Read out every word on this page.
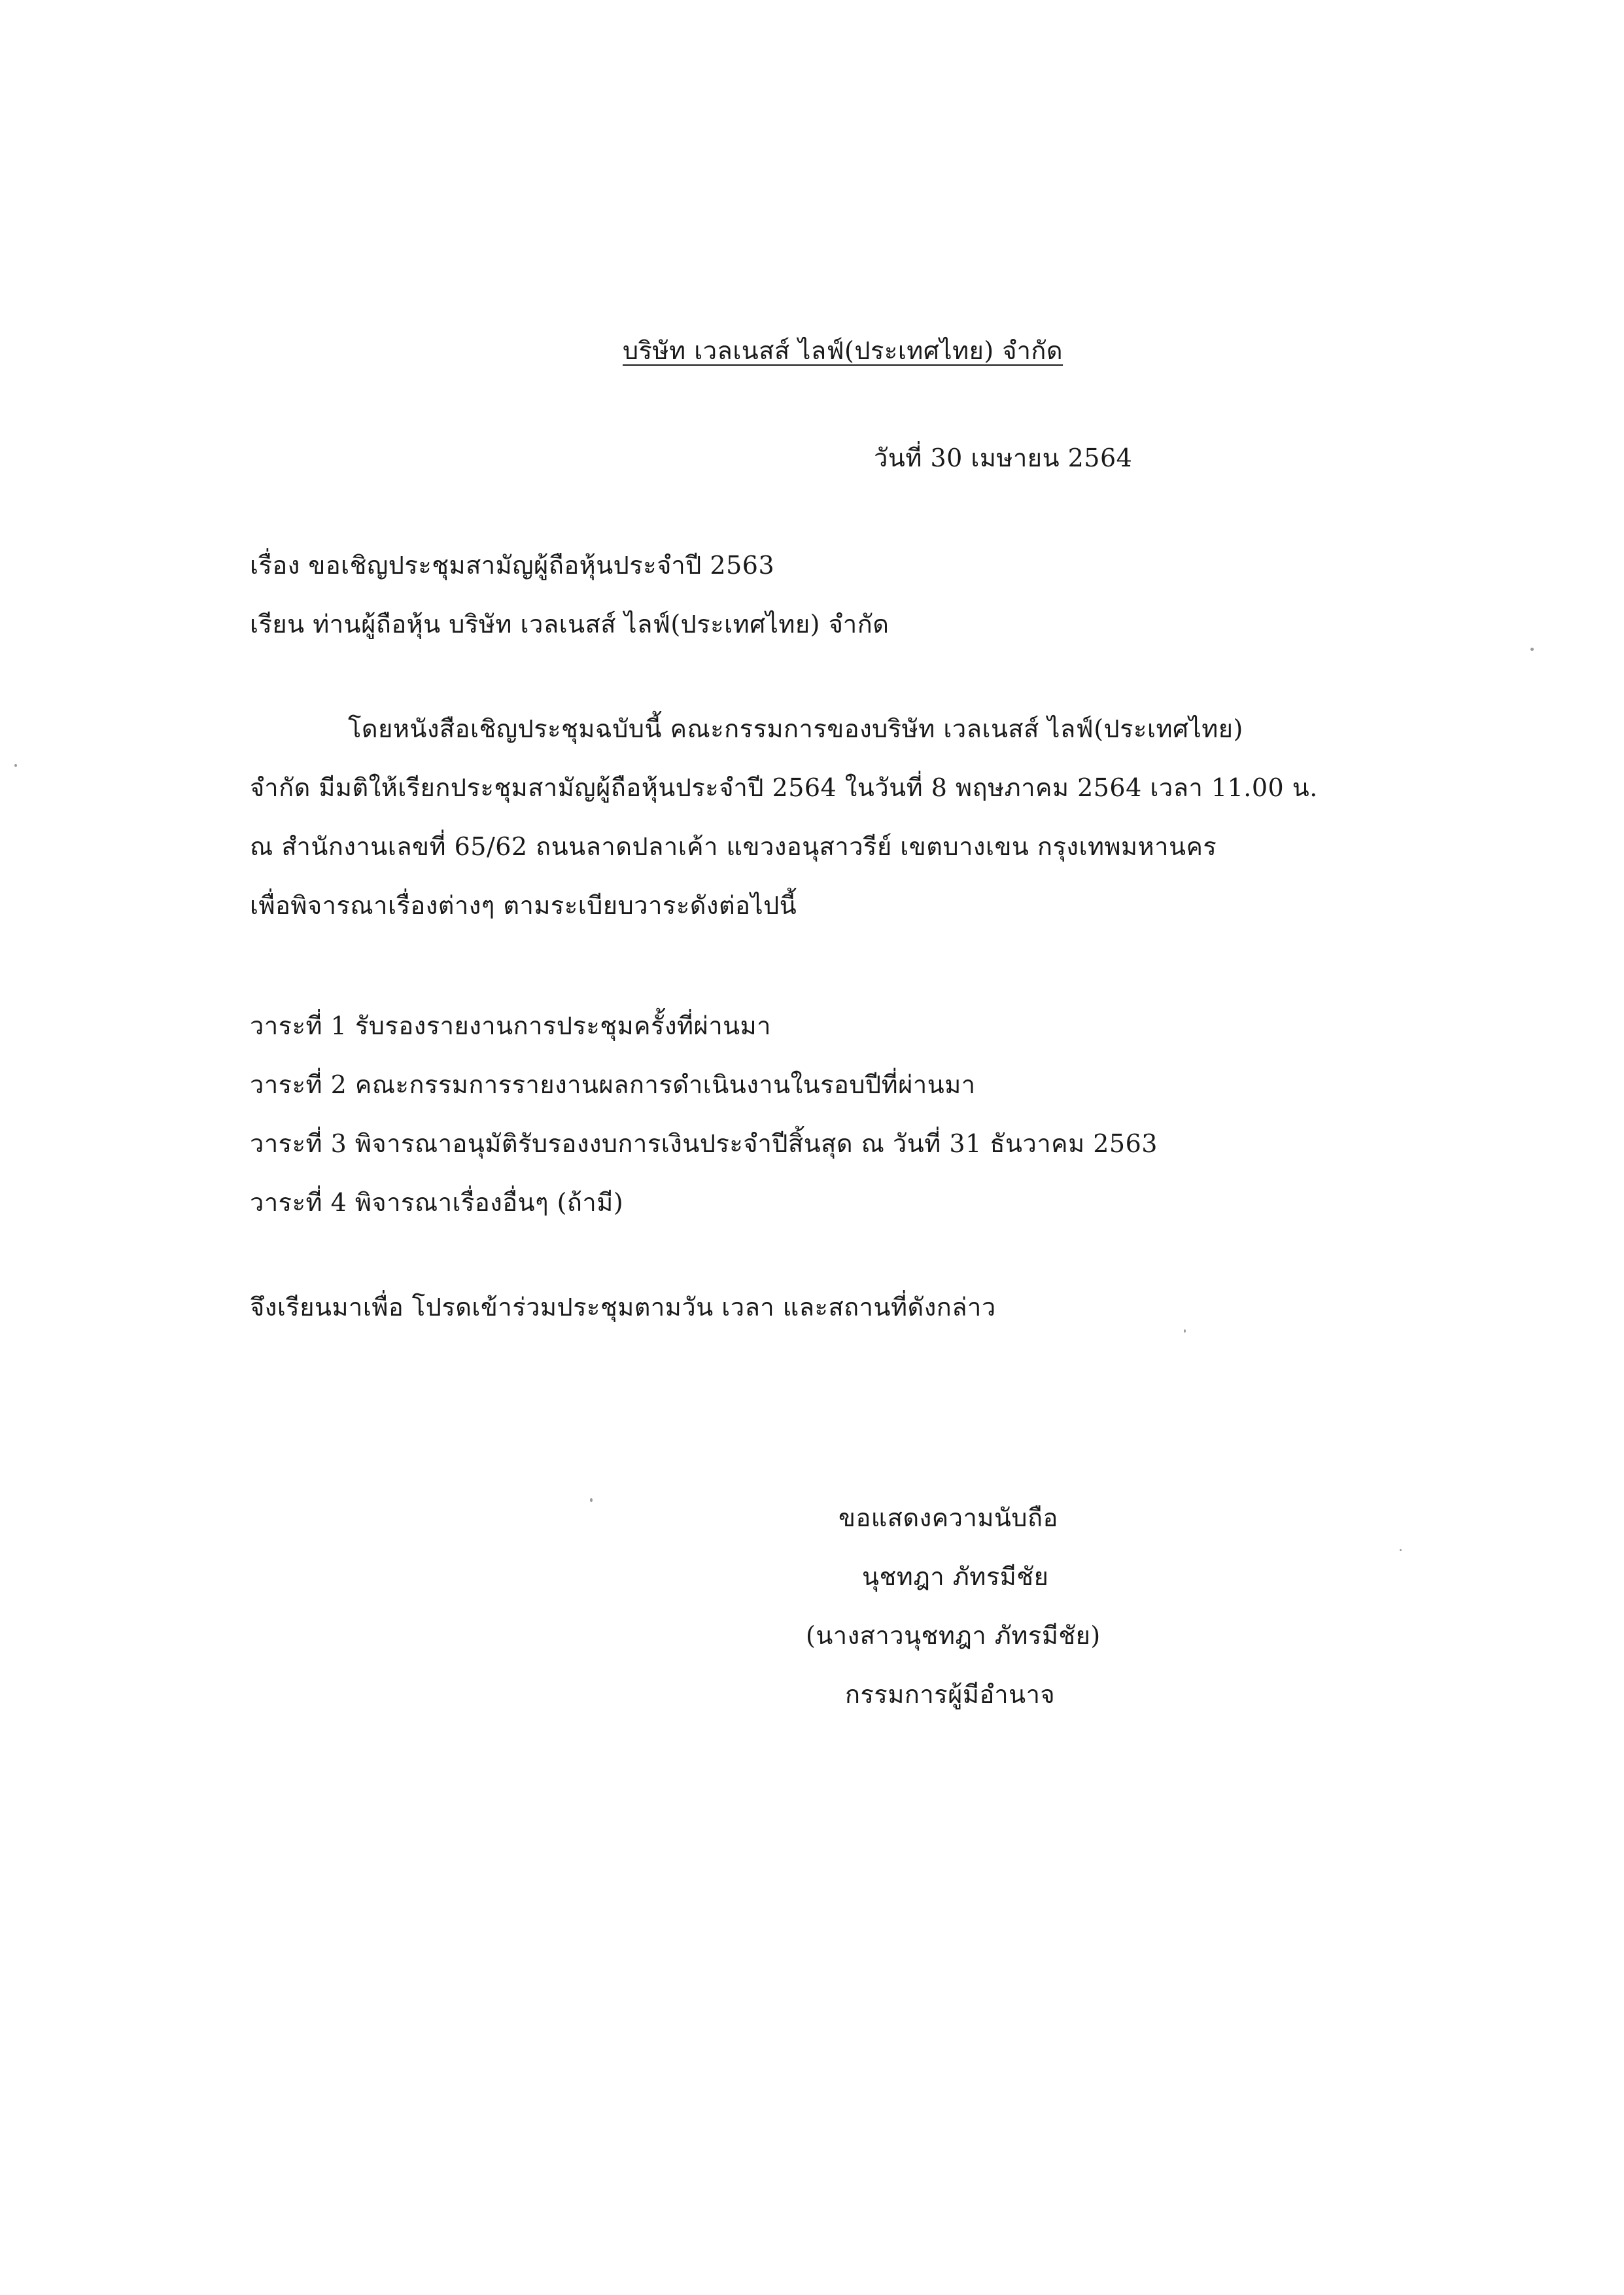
บริษัท เวลเนสส์ ไลฟ์(ประเทศไทย) จำกัด
วันที่ 30 เมษายน 2564
เรื่อง ขอเชิญประชุมสามัญผู้ถือหุ้นประจำปี 2563
เรียน ท่านผู้ถือหุ้น บริษัท เวลเนสส์ ไลฟ์(ประเทศไทย) จำกัด
โดยหนังสือเชิญประชุมฉบับนี้ คณะกรรมการของบริษัท เวลเนสส์ ไลฟ์(ประเทศไทย)
จำกัด มีมติให้เรียกประชุมสามัญผู้ถือหุ้นประจำปี 2564 ในวันที่ 8 พฤษภาคม 2564 เวลา 11.00 น.
ณ สำนักงานเลขที่ 65/62 ถนนลาดปลาเค้า แขวงอนุสาวรีย์ เขตบางเขน กรุงเทพมหานคร
เพื่อพิจารณาเรื่องต่างๆ ตามระเบียบวาระดังต่อไปนี้
วาระที่ 1 รับรองรายงานการประชุมครั้งที่ผ่านมา
วาระที่ 2 คณะกรรมการรายงานผลการดำเนินงานในรอบปีที่ผ่านมา
วาระที่ 3 พิจารณาอนุมัติรับรองงบการเงินประจำปีสิ้นสุด ณ วันที่ 31 ธันวาคม 2563
วาระที่ 4 พิจารณาเรื่องอื่นๆ (ถ้ามี)
จึงเรียนมาเพื่อ โปรดเข้าร่วมประชุมตามวัน เวลา และสถานที่ดังกล่าว
ขอแสดงความนับถือ
นุชทฎา ภัทรมีชัย
(นางสาวนุชทฎา ภัทรมีชัย)
กรรมการผู้มีอำนาจ
